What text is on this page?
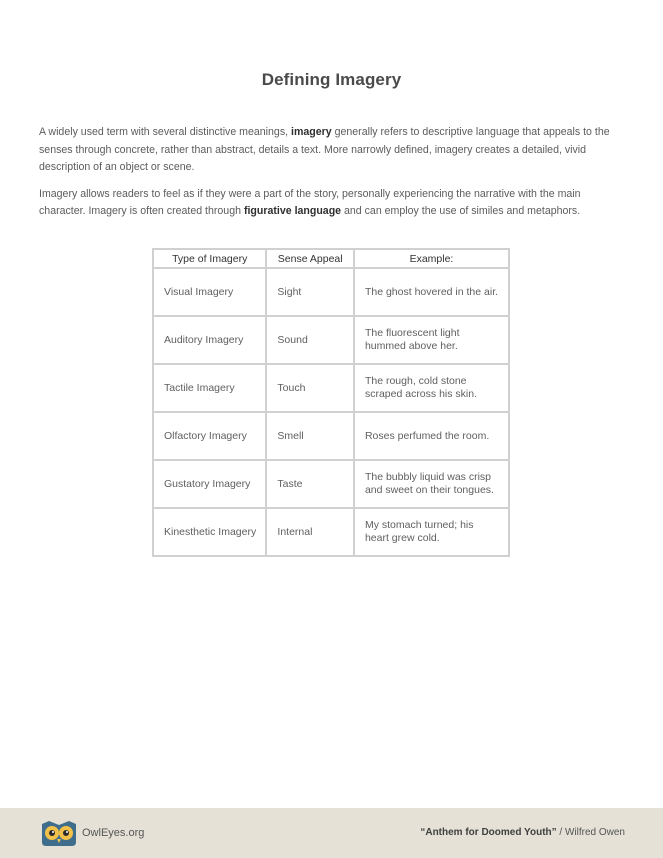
Defining Imagery

A widely used term with several distinctive meanings, imagery generally refers to descriptive language that appeals to the senses through concrete, rather than abstract, details a text. More narrowly defined, imagery creates a detailed, vivid description of an object or scene.

Imagery allows readers to feel as if they were a part of the story, personally experiencing the narrative with the main character. Imagery is often created through figurative language and can employ the use of similes and metaphors.

Type of Imagery	Sense Appeal	Example:
Visual Imagery	Sight	The ghost hovered in the air.
Auditory Imagery	Sound	The fluorescent light hummed above her.
Tactile Imagery	Touch	The rough, cold stone scraped across his skin.
Olfactory Imagery	Smell	Roses perfumed the room.
Gustatory Imagery	Taste	The bubbly liquid was crisp and sweet on their tongues.
Kinesthetic Imagery	Internal	My stomach turned; his heart grew cold.
OwlEyes.org	“Anthem for Doomed Youth” / Wilfred Owen
